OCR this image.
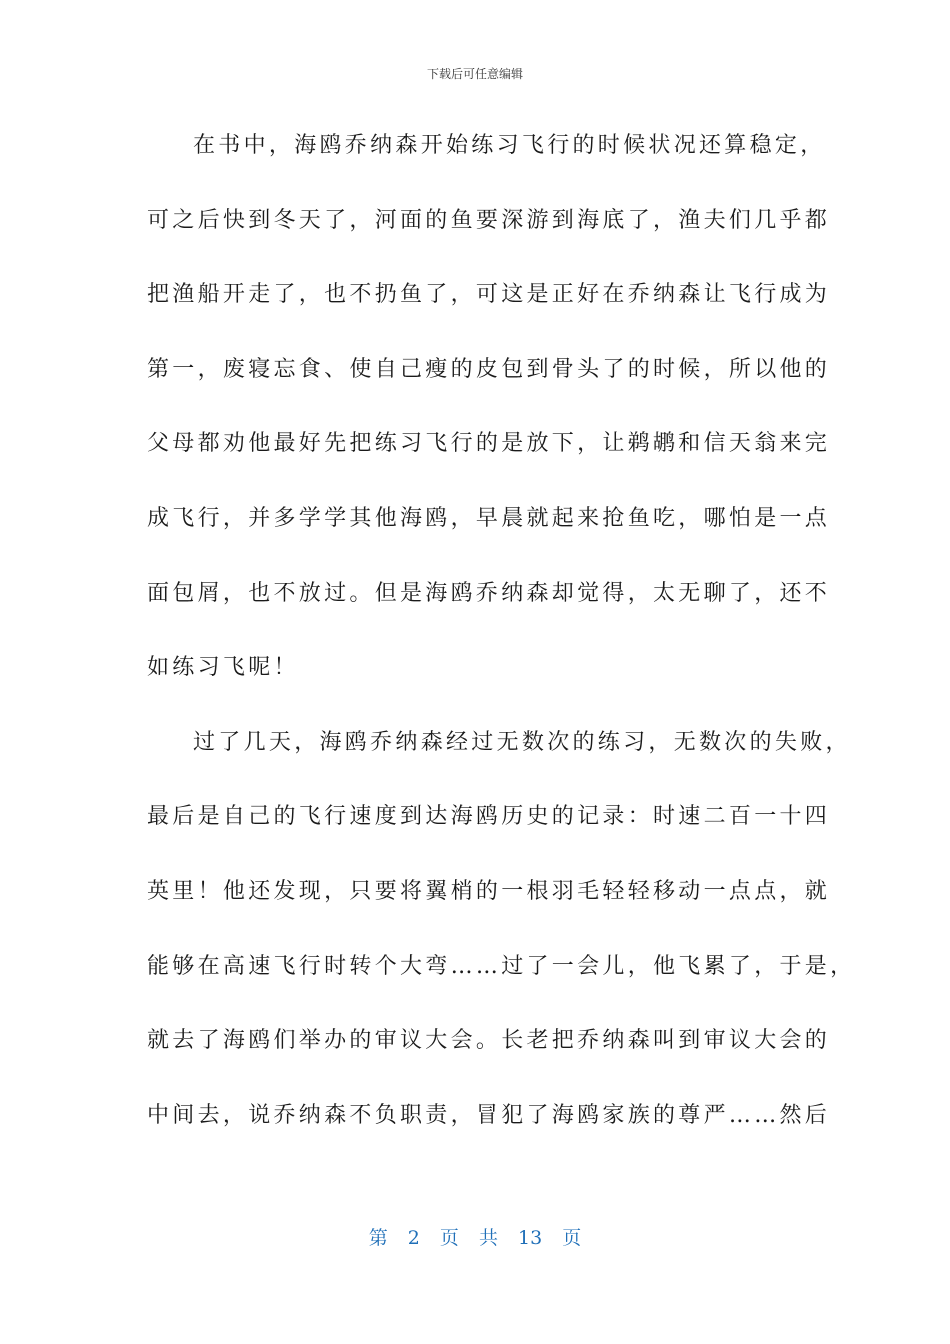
下载后可任意编辑
在书中，海鸥乔纳森开始练习飞行的时候状况还算稳定，
可之后快到冬天了，河面的鱼要深游到海底了，渔夫们几乎都
把渔船开走了，也不扔鱼了，可这是正好在乔纳森让飞行成为
第一，废寝忘食、使自己瘦的皮包到骨头了的时候，所以他的
父母都劝他最好先把练习飞行的是放下，让鹈鹕和信天翁来完
成飞行，并多学学其他海鸥，早晨就起来抢鱼吃，哪怕是一点
面包屑，也不放过。但是海鸥乔纳森却觉得，太无聊了，还不
如练习飞呢！
过了几天，海鸥乔纳森经过无数次的练习，无数次的失败，
最后是自己的飞行速度到达海鸥历史的记录：时速二百一十四
英里！他还发现，只要将翼梢的一根羽毛轻轻移动一点点，就
能够在高速飞行时转个大弯……过了一会儿，他飞累了，于是，
就去了海鸥们举办的审议大会。长老把乔纳森叫到审议大会的
中间去，说乔纳森不负职责，冒犯了海鸥家族的尊严……然后
第 2 页 共 13 页
